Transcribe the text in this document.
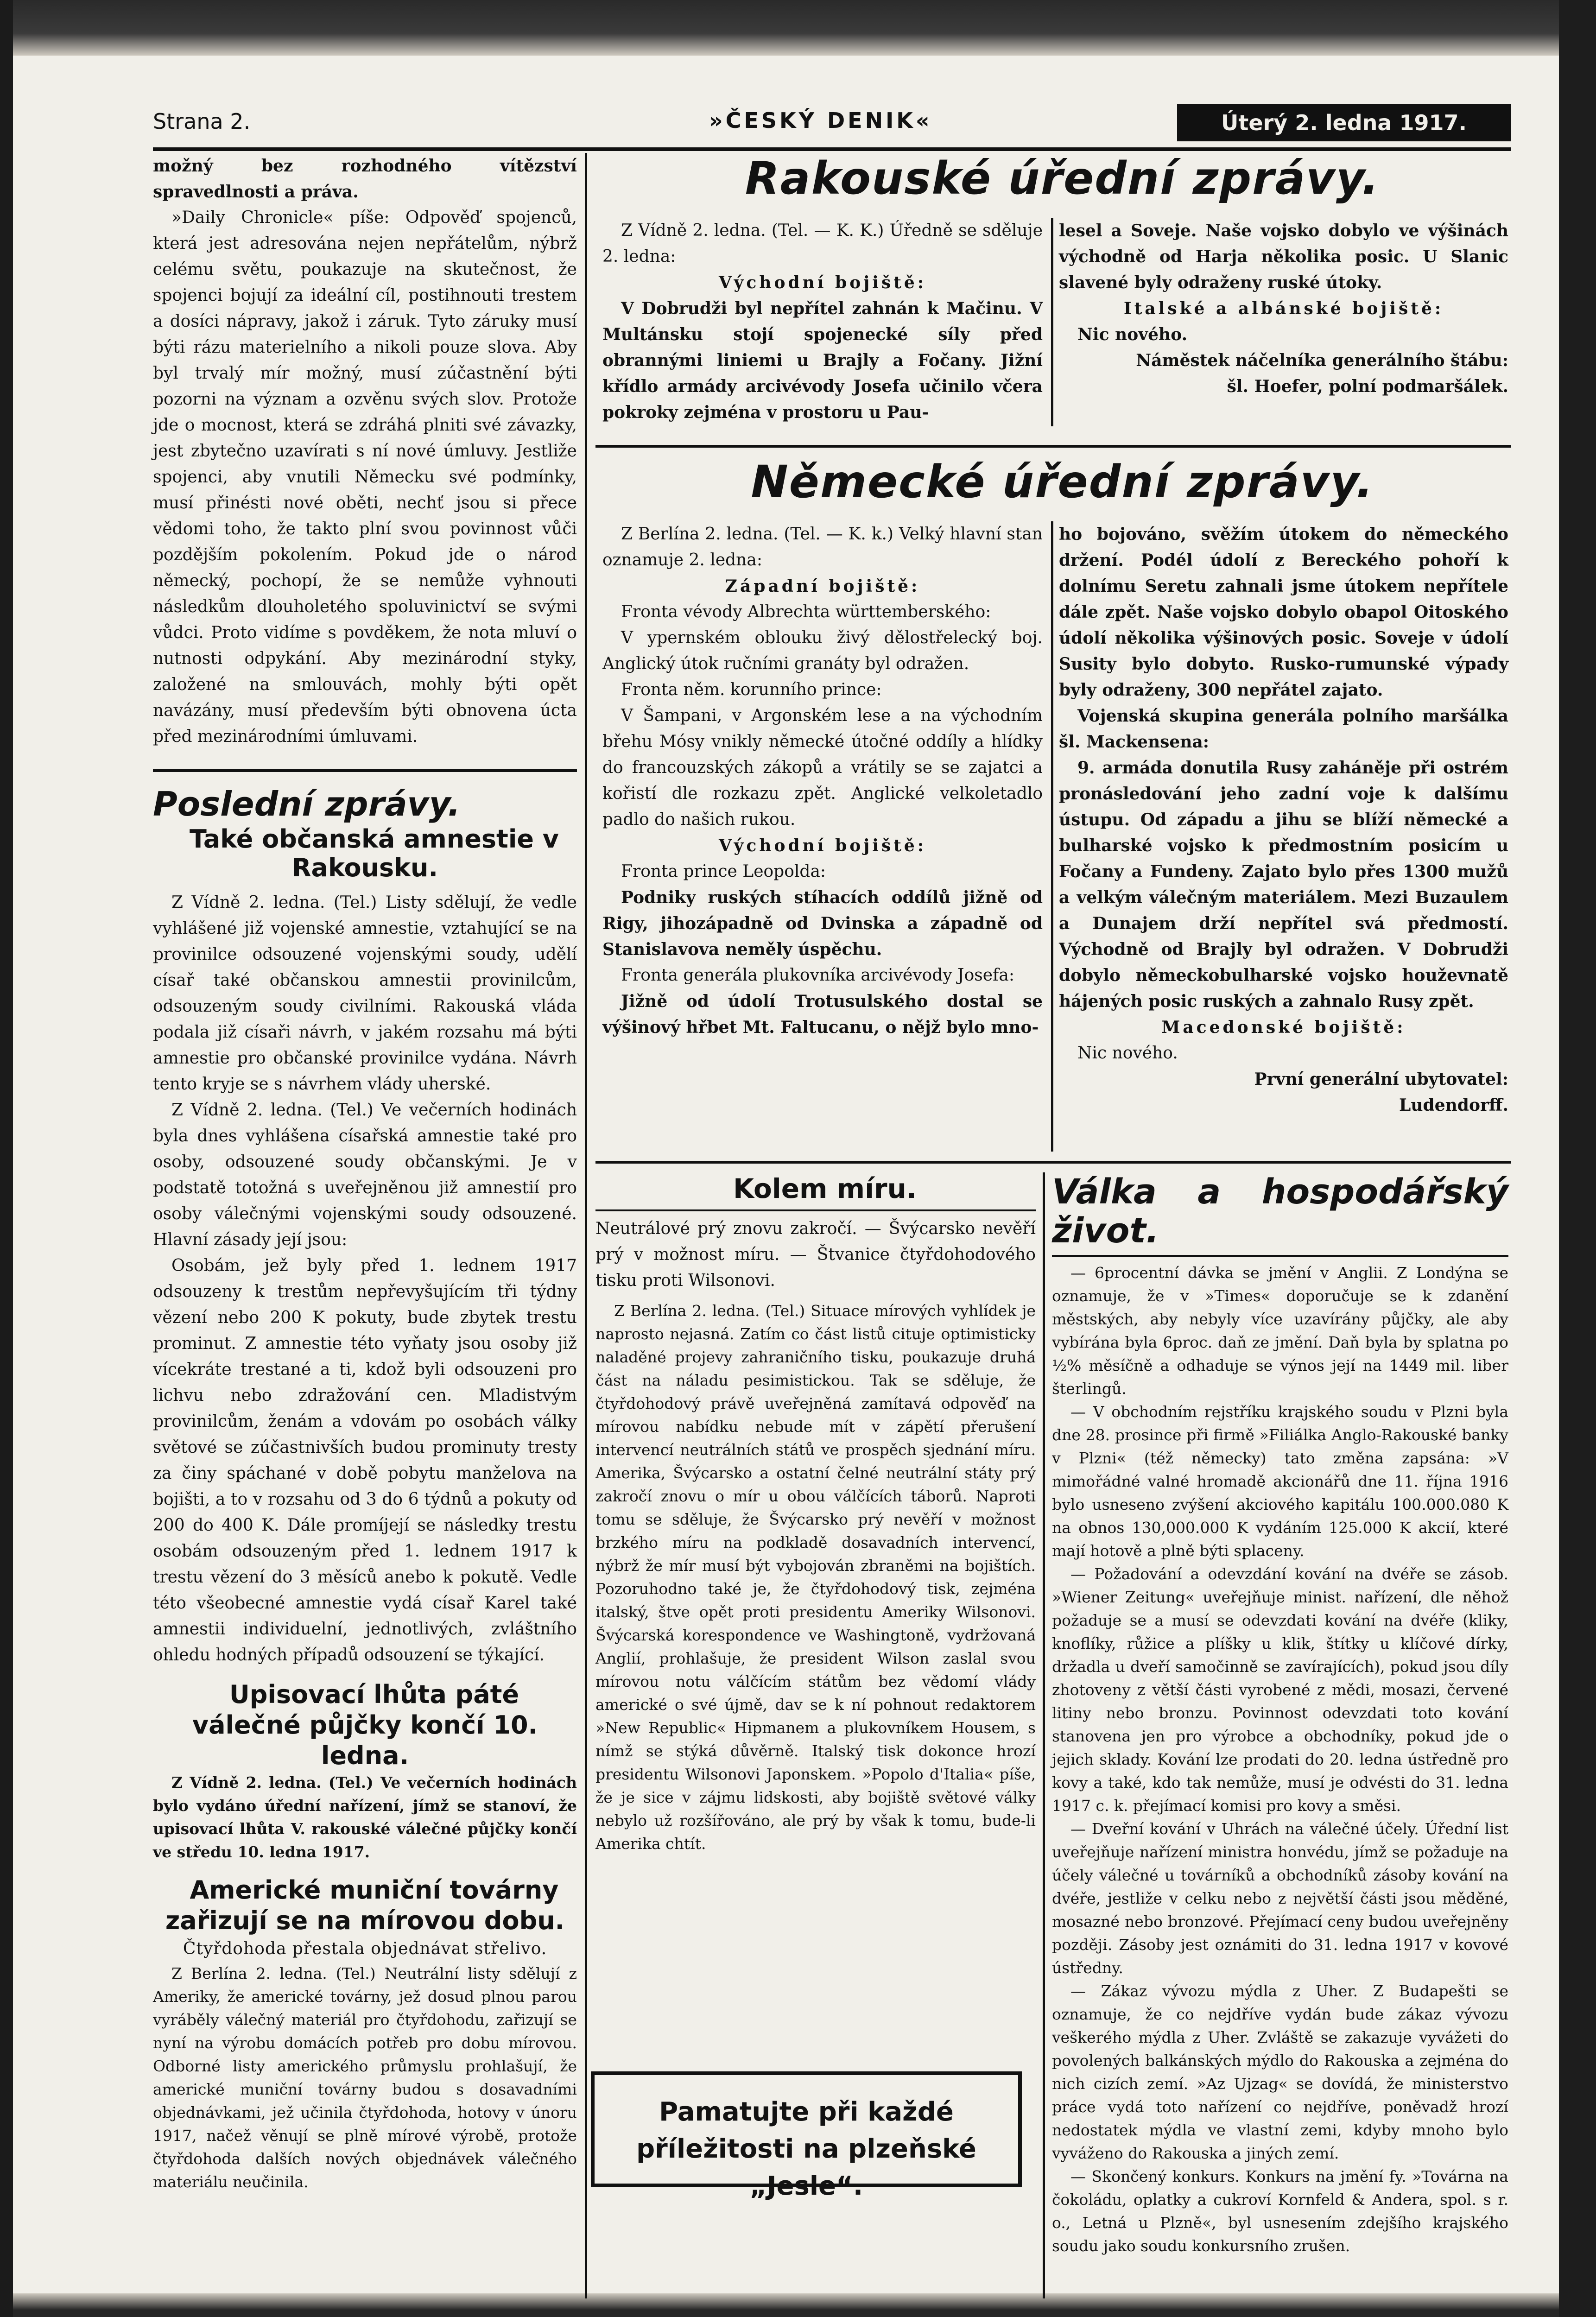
Strana 2.	»ČESKÝ DENIK«	Úterý 2. ledna 1917.

možný bez rozhodného vítězství spravedlnosti a práva.

»Daily Chronicle« píše: Odpověď spojenců, která jest adresována nejen nepřátelům, nýbrž celému světu, poukazuje na skutečnost, že spojenci bojují za ideální cíl, postihnouti trestem a dosíci nápravy, jakož i záruk. Tyto záruky musí býti rázu materielního a nikoli pouze slova. Aby byl trvalý mír možný, musí zúčastnění býti pozorni na význam a ozvěnu svých slov. Protože jde o mocnost, která se zdráhá plniti své závazky, jest zbytečno uzavírati s ní nové úmluvy. Jestliže spojenci, aby vnutili Německu své podmínky, musí přinésti nové oběti, nechť jsou si přece vědomi toho, že takto plní svou povinnost vůči pozdějším pokolením. Pokud jde o národ německý, pochopí, že se nemůže vyhnouti následkům dlouholetého spoluvinictví se svými vůdci. Proto vidíme s povděkem, že nota mluví o nutnosti odpykání. Aby mezinárodní styky, založené na smlouvách, mohly býti opět navázány, musí především býti obnovena úcta před mezinárodními úmluvami.

Poslední zprávy.

Také občanská amnestie v Rakousku.

Z Vídně 2. ledna. (Tel.) Listy sdělují, že vedle vyhlášené již vojenské amnestie, vztahující se na provinilce odsouzené vojenskými soudy, udělí císař také občanskou amnestii provinilcům, odsouzeným soudy civilními. Rakouská vláda podala již císaři návrh, v jakém rozsahu má býti amnestie pro občanské provinilce vydána. Návrh tento kryje se s návrhem vlády uherské.

Z Vídně 2. ledna. (Tel.) Ve večerních hodinách byla dnes vyhlášena císařská amnestie také pro osoby, odsouzené soudy občanskými. Je v podstatě totožná s uveřejněnou již amnestií pro osoby válečnými vojenskými soudy odsouzené. Hlavní zásady její jsou:

Osobám, jež byly před 1. lednem 1917 odsouzeny k trestům nepřevyšujícím tři týdny vězení nebo 200 K pokuty, bude zbytek trestu prominut. Z amnestie této vyňaty jsou osoby již vícekráte trestané a ti, kdož byli odsouzeni pro lichvu nebo zdražování cen. Mladistvým provinilcům, ženám a vdovám po osobách války světové se zúčastnivších budou prominuty tresty za činy spáchané v době pobytu manželova na bojišti, a to v rozsahu od 3 do 6 týdnů a pokuty od 200 do 400 K. Dále promíjejí se následky trestu osobám odsouzeným před 1. lednem 1917 k trestu vězení do 3 měsíců anebo k pokutě. Vedle této všeobecné amnestie vydá císař Karel také amnestii individuelní, jednotlivých, zvláštního ohledu hodných případů odsouzení se týkající.

Upisovací lhůta páté válečné půjčky končí 10. ledna.

Z Vídně 2. ledna. (Tel.) Ve večerních hodinách bylo vydáno úřední nařízení, jímž se stanoví, že upisovací lhůta V. rakouské válečné půjčky končí ve středu 10. ledna 1917.

Americké muniční továrny zařizují se na mírovou dobu.

Čtyřdohoda přestala objednávat střelivo.

Z Berlína 2. ledna. (Tel.) Neutrální listy sdělují z Ameriky, že americké továrny, jež dosud plnou parou vyráběly válečný materiál pro čtyřdohodu, zařizují se nyní na výrobu domácích potřeb pro dobu mírovou. Odborné listy amerického průmyslu prohlašují, že americké muniční továrny budou s dosavadními objednávkami, jež učinila čtyřdohoda, hotovy v únoru 1917, načež věnují se plně mírové výrobě, protože čtyřdohoda dalších nových objednávek válečného materiálu neučinila.

Rakouské úřední zprávy.

Z Vídně 2. ledna. (Tel. — K. K.) Úředně se sděluje 2. ledna:

Východní bojiště:

V Dobrudži byl nepřítel zahnán k Mačinu. V Multánsku stojí spojenecké síly před obrannými liniemi u Brajly a Fočany. Jižní křídlo armády arcivévody Josefa učinilo včera pokroky zejména v prostoru u Pau-

lesel a Soveje. Naše vojsko dobylo ve výšinách východně od Harja několika posic. U Slanic slavené byly odraženy ruské útoky.

Italské a albánské bojiště:

Nic nového.

Náměstek náčelníka generálního štábu:

šl. Hoefer, polní podmaršálek.

Německé úřední zprávy.

Z Berlína 2. ledna. (Tel. — K. k.) Velký hlavní stan oznamuje 2. ledna:

Západní bojiště:

Fronta vévody Albrechta württemberského:

V ypernském oblouku živý dělostřelecký boj. Anglický útok ručními granáty byl odražen.

Fronta něm. korunního prince:

V Šampani, v Argonském lese a na východním břehu Mósy vnikly německé útočné oddíly a hlídky do francouzských zákopů a vrátily se se zajatci a kořistí dle rozkazu zpět. Anglické velkoletadlo padlo do našich rukou.

Východní bojiště:

Fronta prince Leopolda:

Podniky ruských stíhacích oddílů jižně od Rigy, jihozápadně od Dvinska a západně od Stanislavova neměly úspěchu.

Fronta generála plukovníka arcivévody Josefa:

Jižně od údolí Trotusulského dostal se výšinový hřbet Mt. Faltucanu, o nějž bylo mno-

ho bojováno, svěžím útokem do německého držení. Podél údolí z Bereckého pohoří k dolnímu Seretu zahnali jsme útokem nepřítele dále zpět. Naše vojsko dobylo obapol Oitoského údolí několika výšinových posic. Soveje v údolí Susity bylo dobyto. Rusko-rumunské výpady byly odraženy, 300 nepřátel zajato.

Vojenská skupina generála polního maršálka šl. Mackensena:

9. armáda donutila Rusy zaháněje při ostrém pronásledování jeho zadní voje k dalšímu ústupu. Od západu a jihu se blíží německé a bulharské vojsko k předmostním posicím u Fočany a Fundeny. Zajato bylo přes 1300 mužů a velkým válečným materiálem. Mezi Buzaulem a Dunajem drží nepřítel svá předmostí. Východně od Brajly byl odražen. V Dobrudži dobylo německobulharské vojsko houževnatě hájených posic ruských a zahnalo Rusy zpět.

Macedonské bojiště:

Nic nového.

První generální ubytovatel:

Ludendorff.

Kolem míru.

Neutrálové prý znovu zakročí. — Švýcarsko nevěří prý v možnost míru. — Štvanice čtyřdohodového tisku proti Wilsonovi.

Z Berlína 2. ledna. (Tel.) Situace mírových vyhlídek je naprosto nejasná. Zatím co část listů cituje optimisticky naladěné projevy zahraničního tisku, poukazuje druhá část na náladu pesimistickou. Tak se sděluje, že čtyřdohodový právě uveřejněná zamítavá odpověď na mírovou nabídku nebude mít v zápětí přerušení intervencí neutrálních států ve prospěch sjednání míru. Amerika, Švýcarsko a ostatní čelné neutrální státy prý zakročí znovu o mír u obou válčících táborů. Naproti tomu se sděluje, že Švýcarsko prý nevěří v možnost brzkého míru na podkladě dosavadních intervencí, nýbrž že mír musí být vybojován zbraněmi na bojištích. Pozoruhodno také je, že čtyřdohodový tisk, zejména italský, štve opět proti presidentu Ameriky Wilsonovi. Švýcarská korespondence ve Washingtoně, vydržovaná Anglií, prohlašuje, že president Wilson zaslal svou mírovou notu válčícím státům bez vědomí vlády americké o své újmě, dav se k ní pohnout redaktorem »New Republic« Hipmanem a plukovníkem Housem, s nímž se stýká důvěrně. Italský tisk dokonce hrozí presidentu Wilsonovi Japonskem. »Popolo d'Italia« píše, že je sice v zájmu lidskosti, aby bojiště světové války nebylo už rozšířováno, ale prý by však k tomu, bude-li Amerika chtít.

Válka a hospodářský život.

— 6procentní dávka se jmění v Anglii. Z Londýna se oznamuje, že v »Times« doporučuje se k zdanění městských, aby nebyly více uzavírány půjčky, ale aby vybírána byla 6proc. daň ze jmění. Daň byla by splatna po ½% měsíčně a odhaduje se výnos její na 1449 mil. liber šterlingů.

— V obchodním rejstříku krajského soudu v Plzni byla dne 28. prosince při firmě »Filiálka Anglo-Rakouské banky v Plzni« (též německy) tato změna zapsána: »V mimořádné valné hromadě akcionářů dne 11. října 1916 bylo usneseno zvýšení akciového kapitálu 100.000.080 K na obnos 130,000.000 K vydáním 125.000 K akcií, které mají hotově a plně býti splaceny.

— Požadování a odevzdání kování na dvéře se zásob. »Wiener Zeitung« uveřejňuje minist. nařízení, dle něhož požaduje se a musí se odevzdati kování na dvéře (kliky, knoflíky, růžice a plíšky u klik, štítky u klíčové dírky, držadla u dveří samočinně se zavírajících), pokud jsou díly zhotoveny z větší části vyrobené z mědi, mosazi, červené litiny nebo bronzu. Povinnost odevzdati toto kování stanovena jen pro výrobce a obchodníky, pokud jde o jejich sklady. Kování lze prodati do 20. ledna ústředně pro kovy a také, kdo tak nemůže, musí je odvésti do 31. ledna 1917 c. k. přejímací komisi pro kovy a směsi.

— Dveřní kování v Uhrách na válečné účely. Úřední list uveřejňuje nařízení ministra honvédu, jímž se požaduje na účely válečné u továrníků a obchodníků zásoby kování na dvéře, jestliže v celku nebo z největší části jsou měděné, mosazné nebo bronzové. Přejímací ceny budou uveřejněny později. Zásoby jest oznámiti do 31. ledna 1917 v kovové ústředny.

— Zákaz vývozu mýdla z Uher. Z Budapešti se oznamuje, že co nejdříve vydán bude zákaz vývozu veškerého mýdla z Uher. Zvláště se zakazuje vyvážeti do povolených balkánských mýdlo do Rakouska a zejména do nich cizích zemí. »Az Ujzag« se dovídá, že ministerstvo práce vydá toto nařízení co nejdříve, poněvadž hrozí nedostatek mýdla ve vlastní zemi, kdyby mnoho bylo vyváženo do Rakouska a jiných zemí.

— Skončený konkurs. Konkurs na jmění fy. »Továrna na čokoládu, oplatky a cukroví Kornfeld & Andera, spol. s r. o., Letná u Plzně«, byl usnesením zdejšího krajského soudu jako soudu konkursního zrušen.

Pamatujte při každé příležitosti na plzeňské „Jesle“.
